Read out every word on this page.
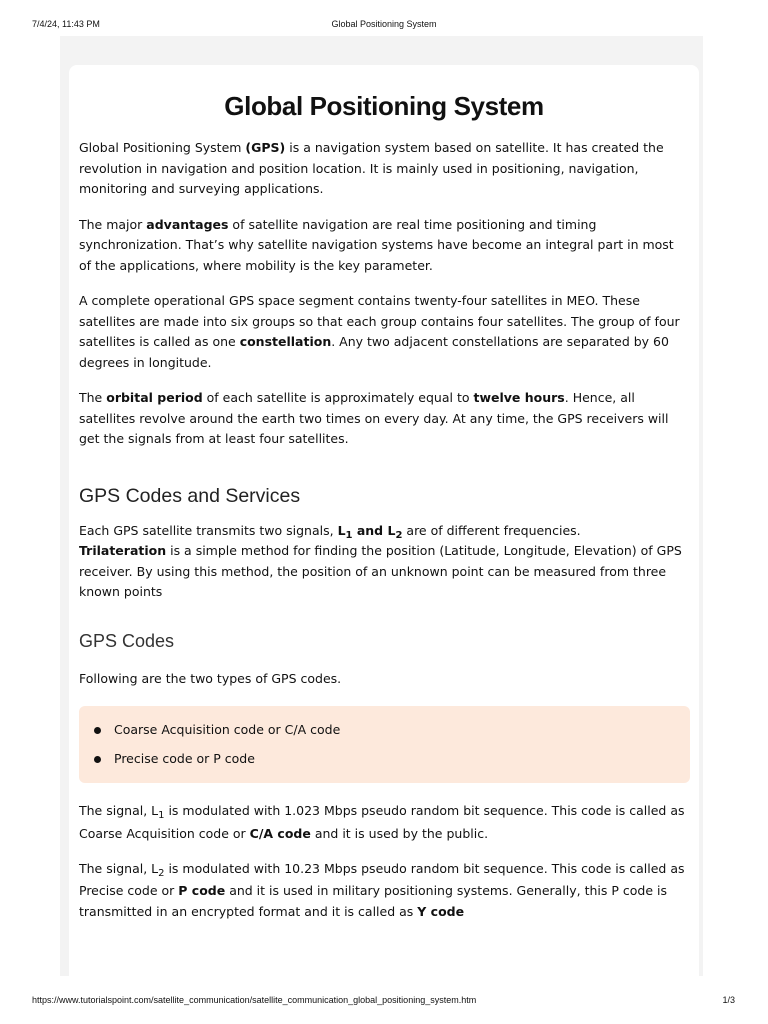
7/4/24, 11:43 PM	Global Positioning System
Global Positioning System

Global Positioning System (GPS) is a navigation system based on satellite. It has created the revolution in navigation and position location. It is mainly used in positioning, navigation, monitoring and surveying applications.

The major advantages of satellite navigation are real time positioning and timing synchronization. That’s why satellite navigation systems have become an integral part in most of the applications, where mobility is the key parameter.

A complete operational GPS space segment contains twenty-four satellites in MEO. These satellites are made into six groups so that each group contains four satellites. The group of four satellites is called as one constellation. Any two adjacent constellations are separated by 60 degrees in longitude.

The orbital period of each satellite is approximately equal to twelve hours. Hence, all satellites revolve around the earth two times on every day. At any time, the GPS receivers will get the signals from at least four satellites.

GPS Codes and Services

Each GPS satellite transmits two signals, $L_1$ and $L_2$ are of different frequencies.
Trilateration is a simple method for finding the position (Latitude, Longitude, Elevation) of GPS receiver. By using this method, the position of an unknown point can be measured from three known points

GPS Codes

Following are the two types of GPS codes.

Coarse Acquisition code or C/A code
Precise code or P code

The signal, $L_1$ is modulated with 1.023 Mbps pseudo random bit sequence. This code is called as Coarse Acquisition code or C/A code and it is used by the public.

The signal, $L_2$ is modulated with 10.23 Mbps pseudo random bit sequence. This code is called as Precise code or P code and it is used in military positioning systems. Generally, this P code is transmitted in an encrypted format and it is called as Y code

https://www.tutorialspoint.com/satellite_communication/satellite_communication_global_positioning_system.htm	1/3
